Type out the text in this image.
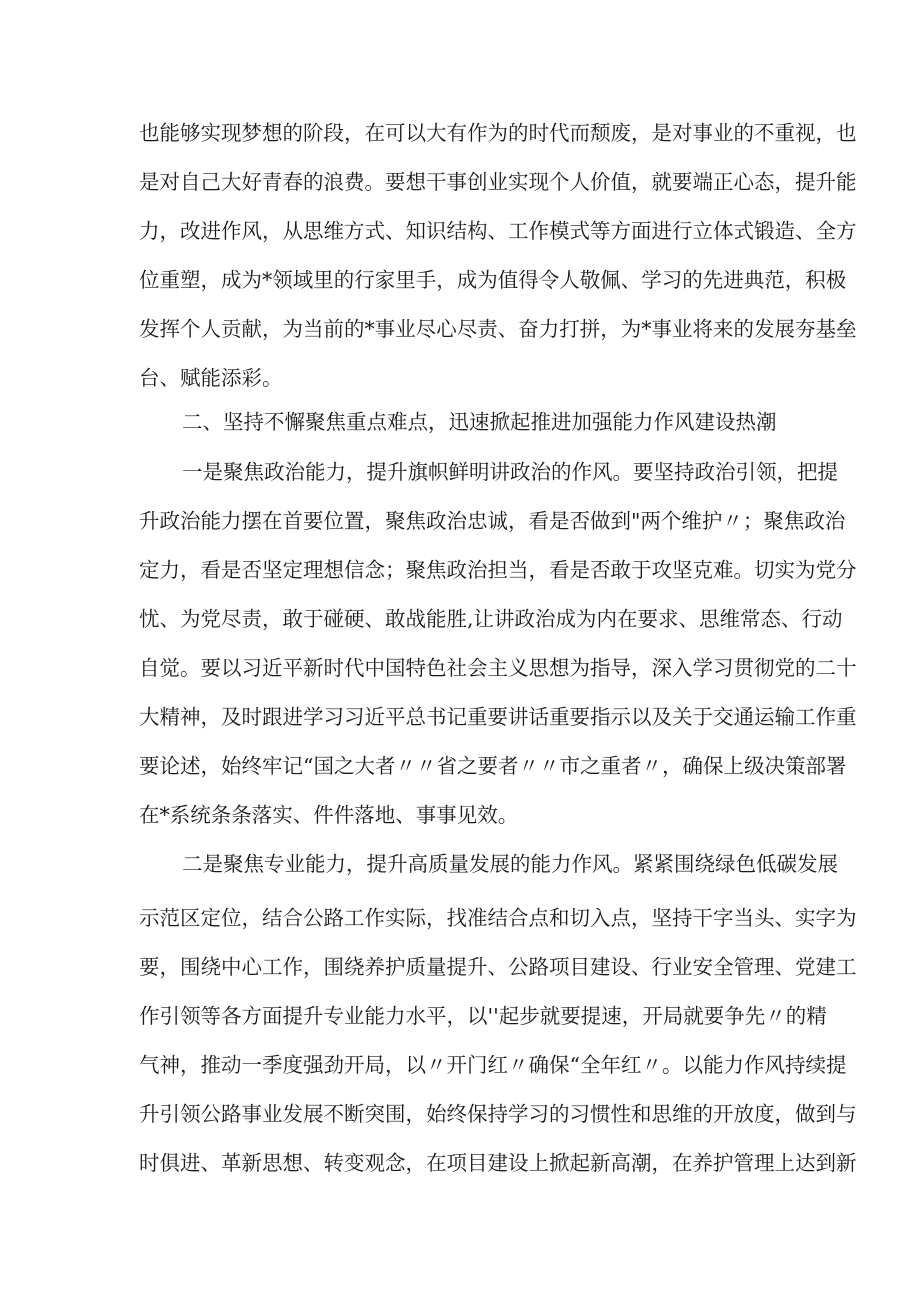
也能够实现梦想的阶段，在可以大有作为的时代而颓废，是对事业的不重视，也
是对自己大好青春的浪费。要想干事创业实现个人价值，就要端正心态，提升能
力，改进作风，从思维方式、知识结构、工作模式等方面进行立体式锻造、全方
位重塑，成为*领域里的行家里手，成为值得令人敬佩、学习的先进典范，积极
发挥个人贡献，为当前的*事业尽心尽责、奋力打拼，为*事业将来的发展夯基垒
台、赋能添彩。
二、坚持不懈聚焦重点难点，迅速掀起推进加强能力作风建设热潮
一是聚焦政治能力，提升旗帜鲜明讲政治的作风。要坚持政治引领，把提
升政治能力摆在首要位置，聚焦政治忠诚，看是否做到"两个维护〃；聚焦政治
定力，看是否坚定理想信念；聚焦政治担当，看是否敢于攻坚克难。切实为党分
忧、为党尽责，敢于碰硬、敢战能胜,让讲政治成为内在要求、思维常态、行动
自觉。要以习近平新时代中国特色社会主义思想为指导，深入学习贯彻党的二十
大精神，及时跟进学习习近平总书记重要讲话重要指示以及关于交通运输工作重
要论述，始终牢记“国之大者〃〃省之要者〃〃市之重者〃，确保上级决策部署
在*系统条条落实、件件落地、事事见效。
二是聚焦专业能力，提升高质量发展的能力作风。紧紧围绕绿色低碳发展
示范区定位，结合公路工作实际，找准结合点和切入点，坚持干字当头、实字为
要，围绕中心工作，围绕养护质量提升、公路项目建设、行业安全管理、党建工
作引领等各方面提升专业能力水平，以''起步就要提速，开局就要争先〃的精
气神，推动一季度强劲开局，以〃开门红〃确保“全年红〃。以能力作风持续提
升引领公路事业发展不断突围，始终保持学习的习惯性和思维的开放度，做到与
时俱进、革新思想、转变观念，在项目建设上掀起新高潮，在养护管理上达到新
